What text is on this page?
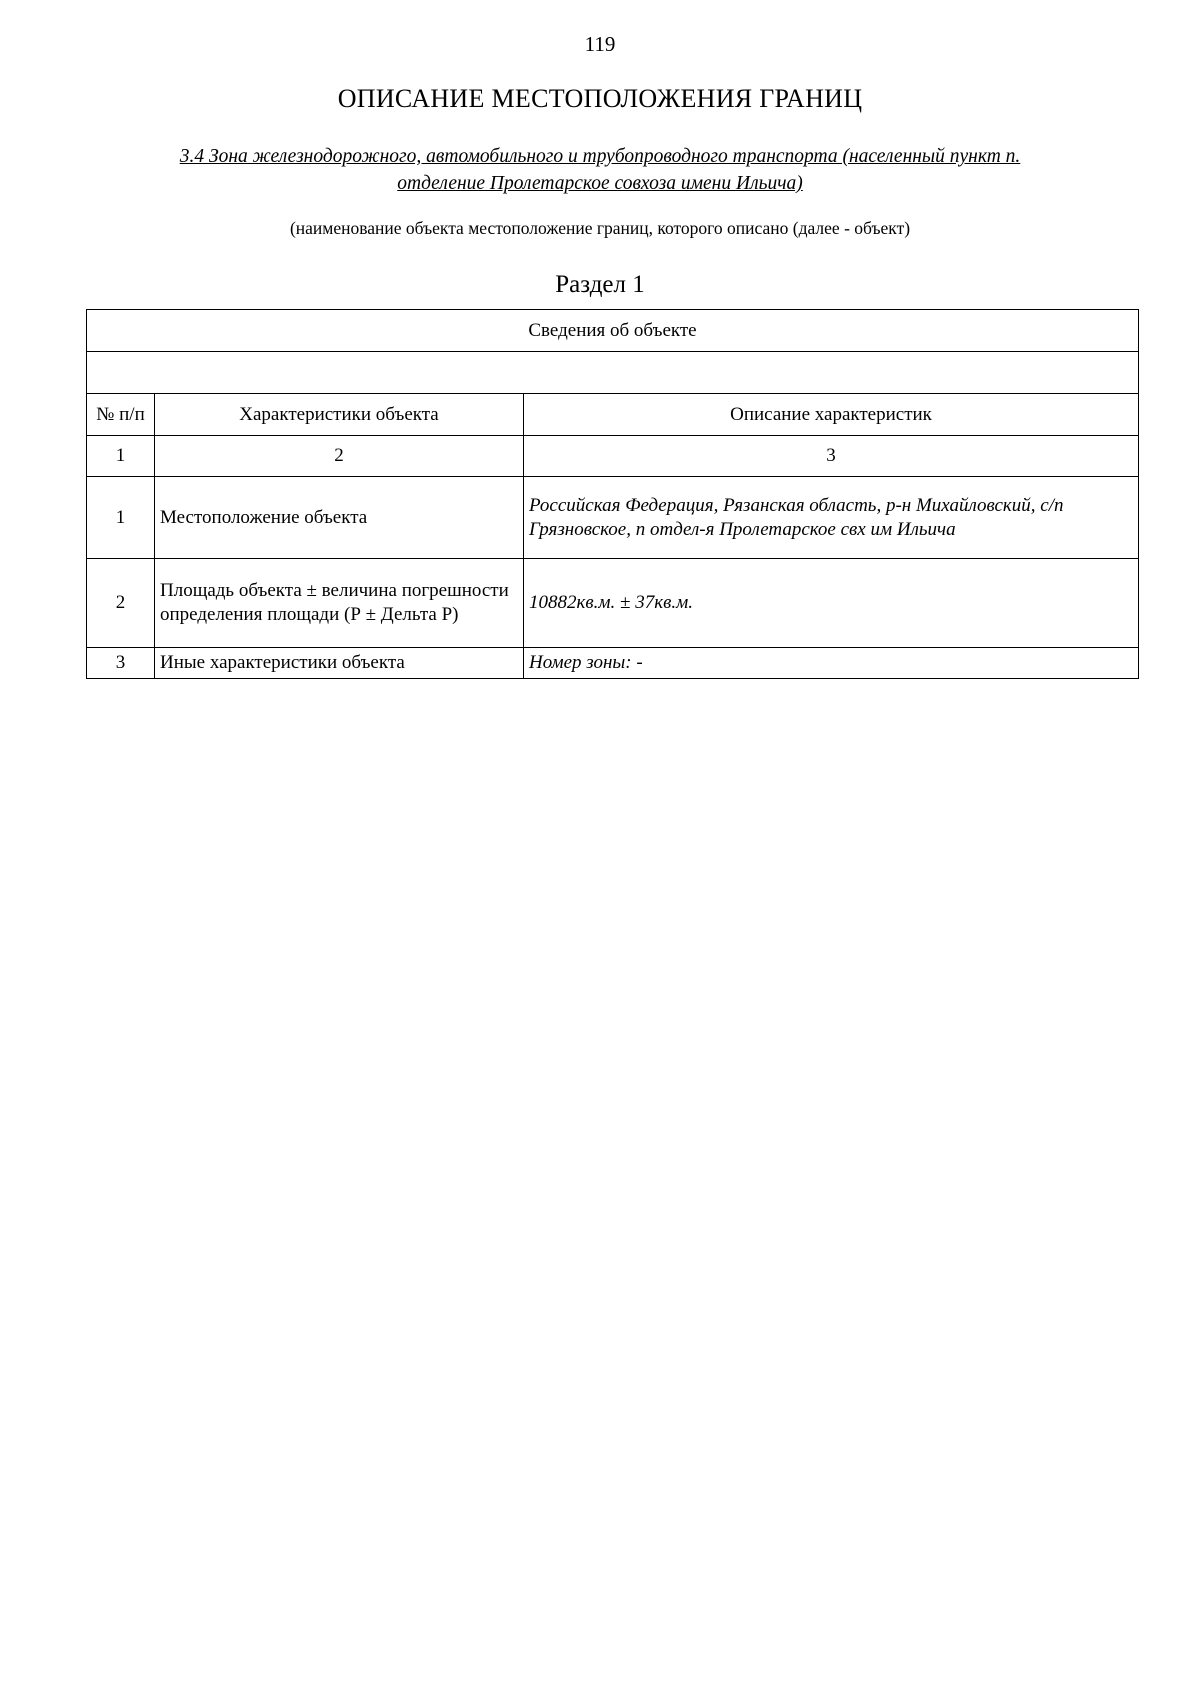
119
ОПИСАНИЕ МЕСТОПОЛОЖЕНИЯ ГРАНИЦ
3.4 Зона железнодорожного, автомобильного и трубопроводного транспорта (населенный пункт п.
отделение Пролетарское совхоза имени Ильича)
(наименование объекта местоположение границ, которого описано (далее - объект)
Раздел 1
Сведения об объекте		

№ п/п	Характеристики объекта	Описание характеристик
1	2	3
1	Местоположение объекта	Российская Федерация, Рязанская область, р-н Михайловский, с/п Грязновское, п отдел-я Пролетарское свх им Ильича
2	Площадь объекта ± величина погрешности определения площади (Р ± Дельта Р)	10882кв.м. ± 37кв.м.
3	Иные характеристики объекта	Номер зоны: -
